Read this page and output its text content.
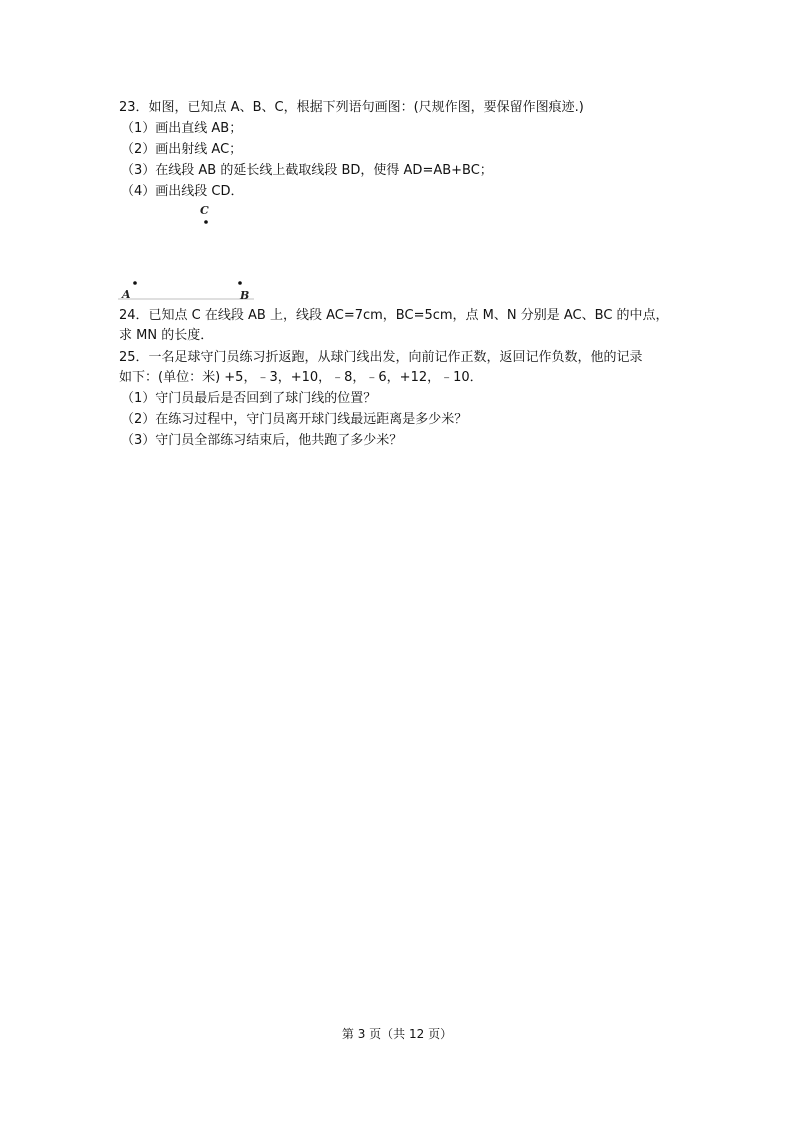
23．如图，已知点 A、B、C，根据下列语句画图：(尺规作图，要保留作图痕迹.)
（1）画出直线 AB；
（2）画出射线 AC；
（3）在线段 AB 的延长线上截取线段 BD，使得 AD=AB+BC；
（4）画出线段 CD．
C
A	B
24．已知点 C 在线段 AB 上，线段 AC=7cm，BC=5cm，点 M、N 分别是 AC、BC 的中点，
求 MN 的长度．
25．一名足球守门员练习折返跑，从球门线出发，向前记作正数，返回记作负数，他的记录
如下：(单位：米) +5，﹣3，+10，﹣8，﹣6，+12，﹣10．
（1）守门员最后是否回到了球门线的位置？
（2）在练习过程中，守门员离开球门线最远距离是多少米？
（3）守门员全部练习结束后，他共跑了多少米？
第 3 页（共 12 页）
